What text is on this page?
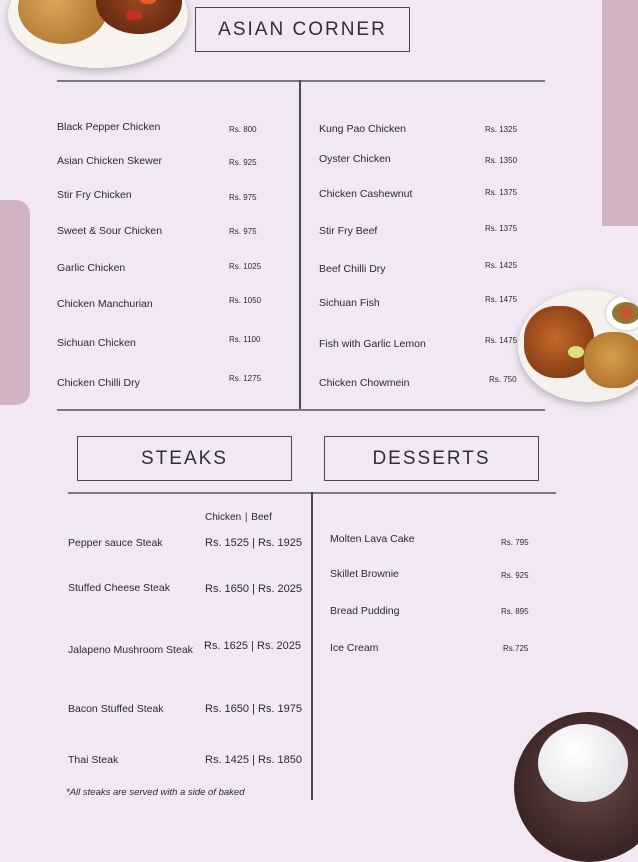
ASIAN CORNER
Black Pepper Chicken	Rs. 800
Asian Chicken Skewer	Rs. 925
Stir Fry Chicken	Rs. 975
Sweet & Sour Chicken	Rs. 975
Garlic Chicken	Rs. 1025
Chicken Manchurian	Rs. 1050
Sichuan Chicken	Rs. 1100
Chicken Chilli Dry	Rs. 1275
Kung Pao Chicken	Rs. 1325
Oyster Chicken	Rs. 1350
Chicken Cashewnut	Rs. 1375
Stir Fry Beef	Rs. 1375
Beef Chilli Dry	Rs. 1425
Sichuan Fish	Rs. 1475
Fish with Garlic Lemon	Rs. 1475
Chicken Chowmein	Rs. 750
STEAKS	DESSERTS
Chicken | Beef
Pepper sauce Steak	Rs. 1525 | Rs. 1925
Stuffed Cheese Steak	Rs. 1650 | Rs. 2025
Jalapeno Mushroom Steak Rs. 1625 | Rs. 2025
Bacon Stuffed Steak	Rs. 1650 | Rs. 1975
Thai Steak	Rs. 1425 | Rs. 1850
*All steaks are served with a side of baked
Molten Lava Cake	Rs. 795
Skillet Brownie	Rs. 925
Bread Pudding	Rs. 895
Ice Cream	Rs.725
